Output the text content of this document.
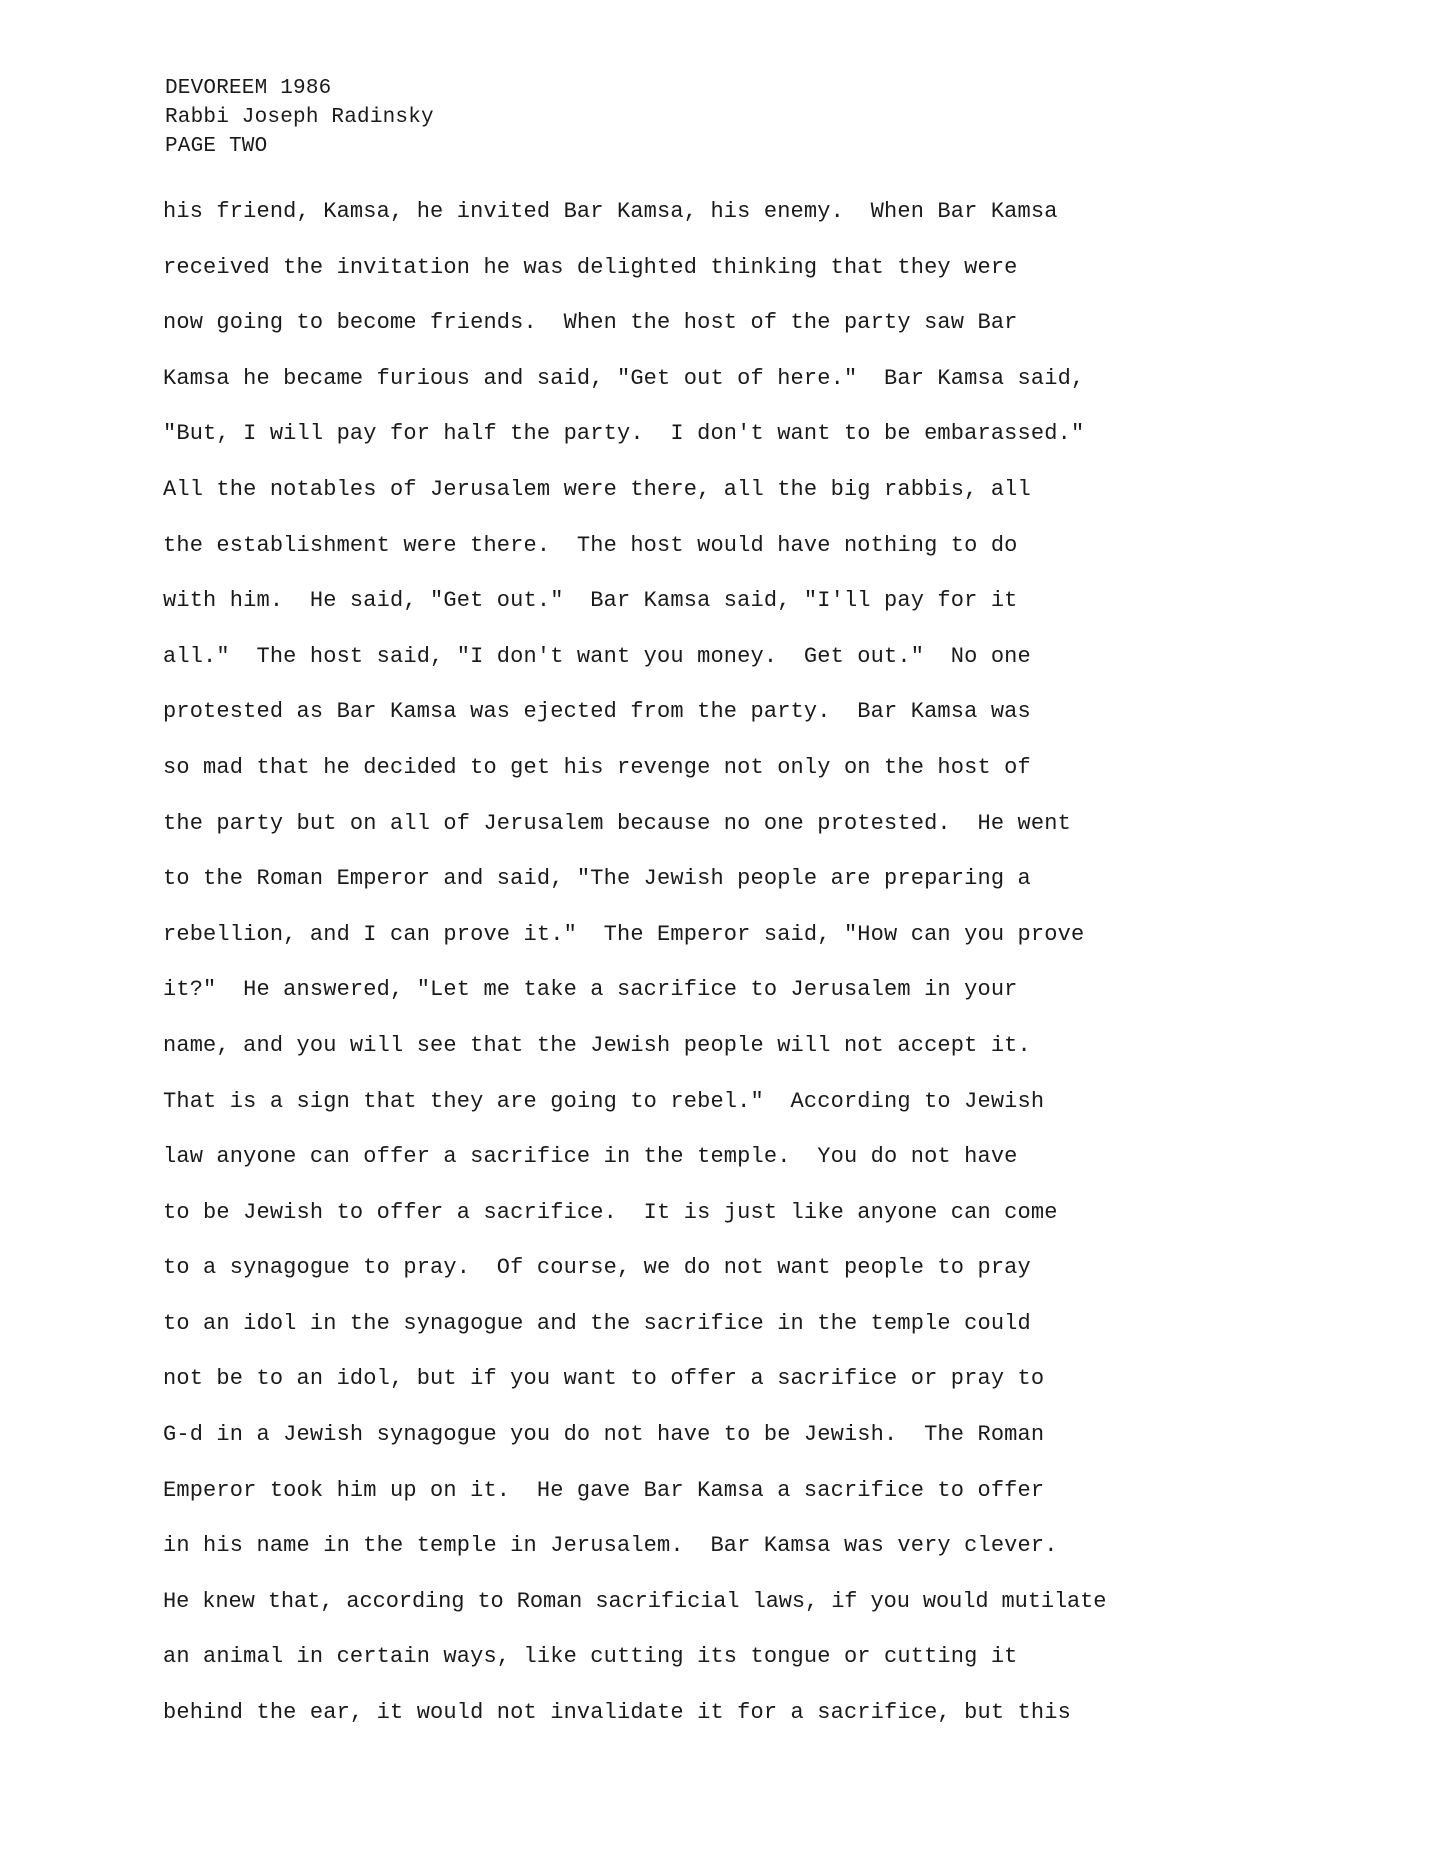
DEVOREEM 1986
Rabbi Joseph Radinsky
PAGE TWO
his friend, Kamsa, he invited Bar Kamsa, his enemy.  When Bar Kamsa
received the invitation he was delighted thinking that they were
now going to become friends.  When the host of the party saw Bar
Kamsa he became furious and said, "Get out of here."  Bar Kamsa said,
"But, I will pay for half the party.  I don't want to be embarassed."
All the notables of Jerusalem were there, all the big rabbis, all
the establishment were there.  The host would have nothing to do
with him.  He said, "Get out."  Bar Kamsa said, "I'll pay for it
all."  The host said, "I don't want you money.  Get out."  No one
protested as Bar Kamsa was ejected from the party.  Bar Kamsa was
so mad that he decided to get his revenge not only on the host of
the party but on all of Jerusalem because no one protested.  He went
to the Roman Emperor and said, "The Jewish people are preparing a
rebellion, and I can prove it."  The Emperor said, "How can you prove
it?"  He answered, "Let me take a sacrifice to Jerusalem in your
name, and you will see that the Jewish people will not accept it.
That is a sign that they are going to rebel."  According to Jewish
law anyone can offer a sacrifice in the temple.  You do not have
to be Jewish to offer a sacrifice.  It is just like anyone can come
to a synagogue to pray.  Of course, we do not want people to pray
to an idol in the synagogue and the sacrifice in the temple could
not be to an idol, but if you want to offer a sacrifice or pray to
G-d in a Jewish synagogue you do not have to be Jewish.  The Roman
Emperor took him up on it.  He gave Bar Kamsa a sacrifice to offer
in his name in the temple in Jerusalem.  Bar Kamsa was very clever.
He knew that, according to Roman sacrificial laws, if you would mutilate
an animal in certain ways, like cutting its tongue or cutting it
behind the ear, it would not invalidate it for a sacrifice, but this
